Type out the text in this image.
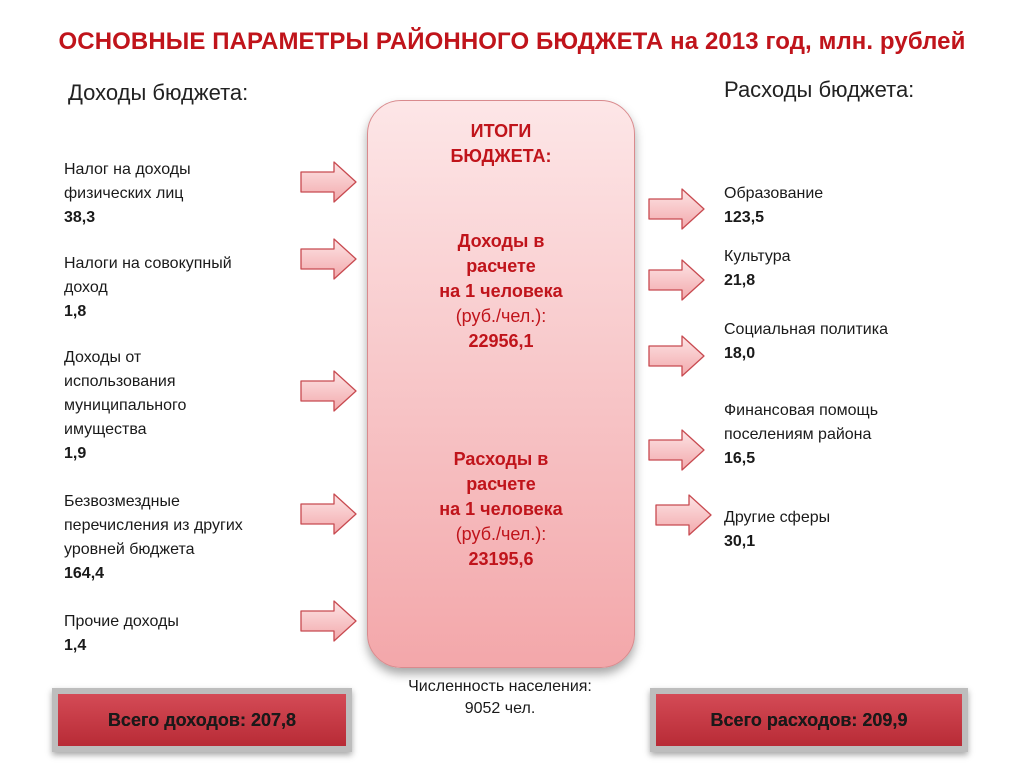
ОСНОВНЫЕ ПАРАМЕТРЫ РАЙОННОГО БЮДЖЕТА на 2013 год, млн. рублей
Доходы бюджета:	Расходы бюджета:
Налог на доходы
физических лиц
38,3
Налоги на совокупный
доход
1,8
Доходы от
использования
муниципального
имущества
1,9
Безвозмездные
перечисления из других
уровней бюджета
164,4
Прочие доходы
1,4
ИТОГИ
БЮДЖЕТА:
Доходы в
расчете
на 1 человека
(руб./чел.):
22956,1
Расходы в
расчете
на 1 человека
(руб./чел.):
23195,6
Образование
123,5
Культура
21,8
Социальная политика
18,0
Финансовая помощь
поселениям района
16,5
Другие сферы
30,1
Численность населения:
9052 чел.
Всего доходов: 207,8	Всего расходов: 209,9
